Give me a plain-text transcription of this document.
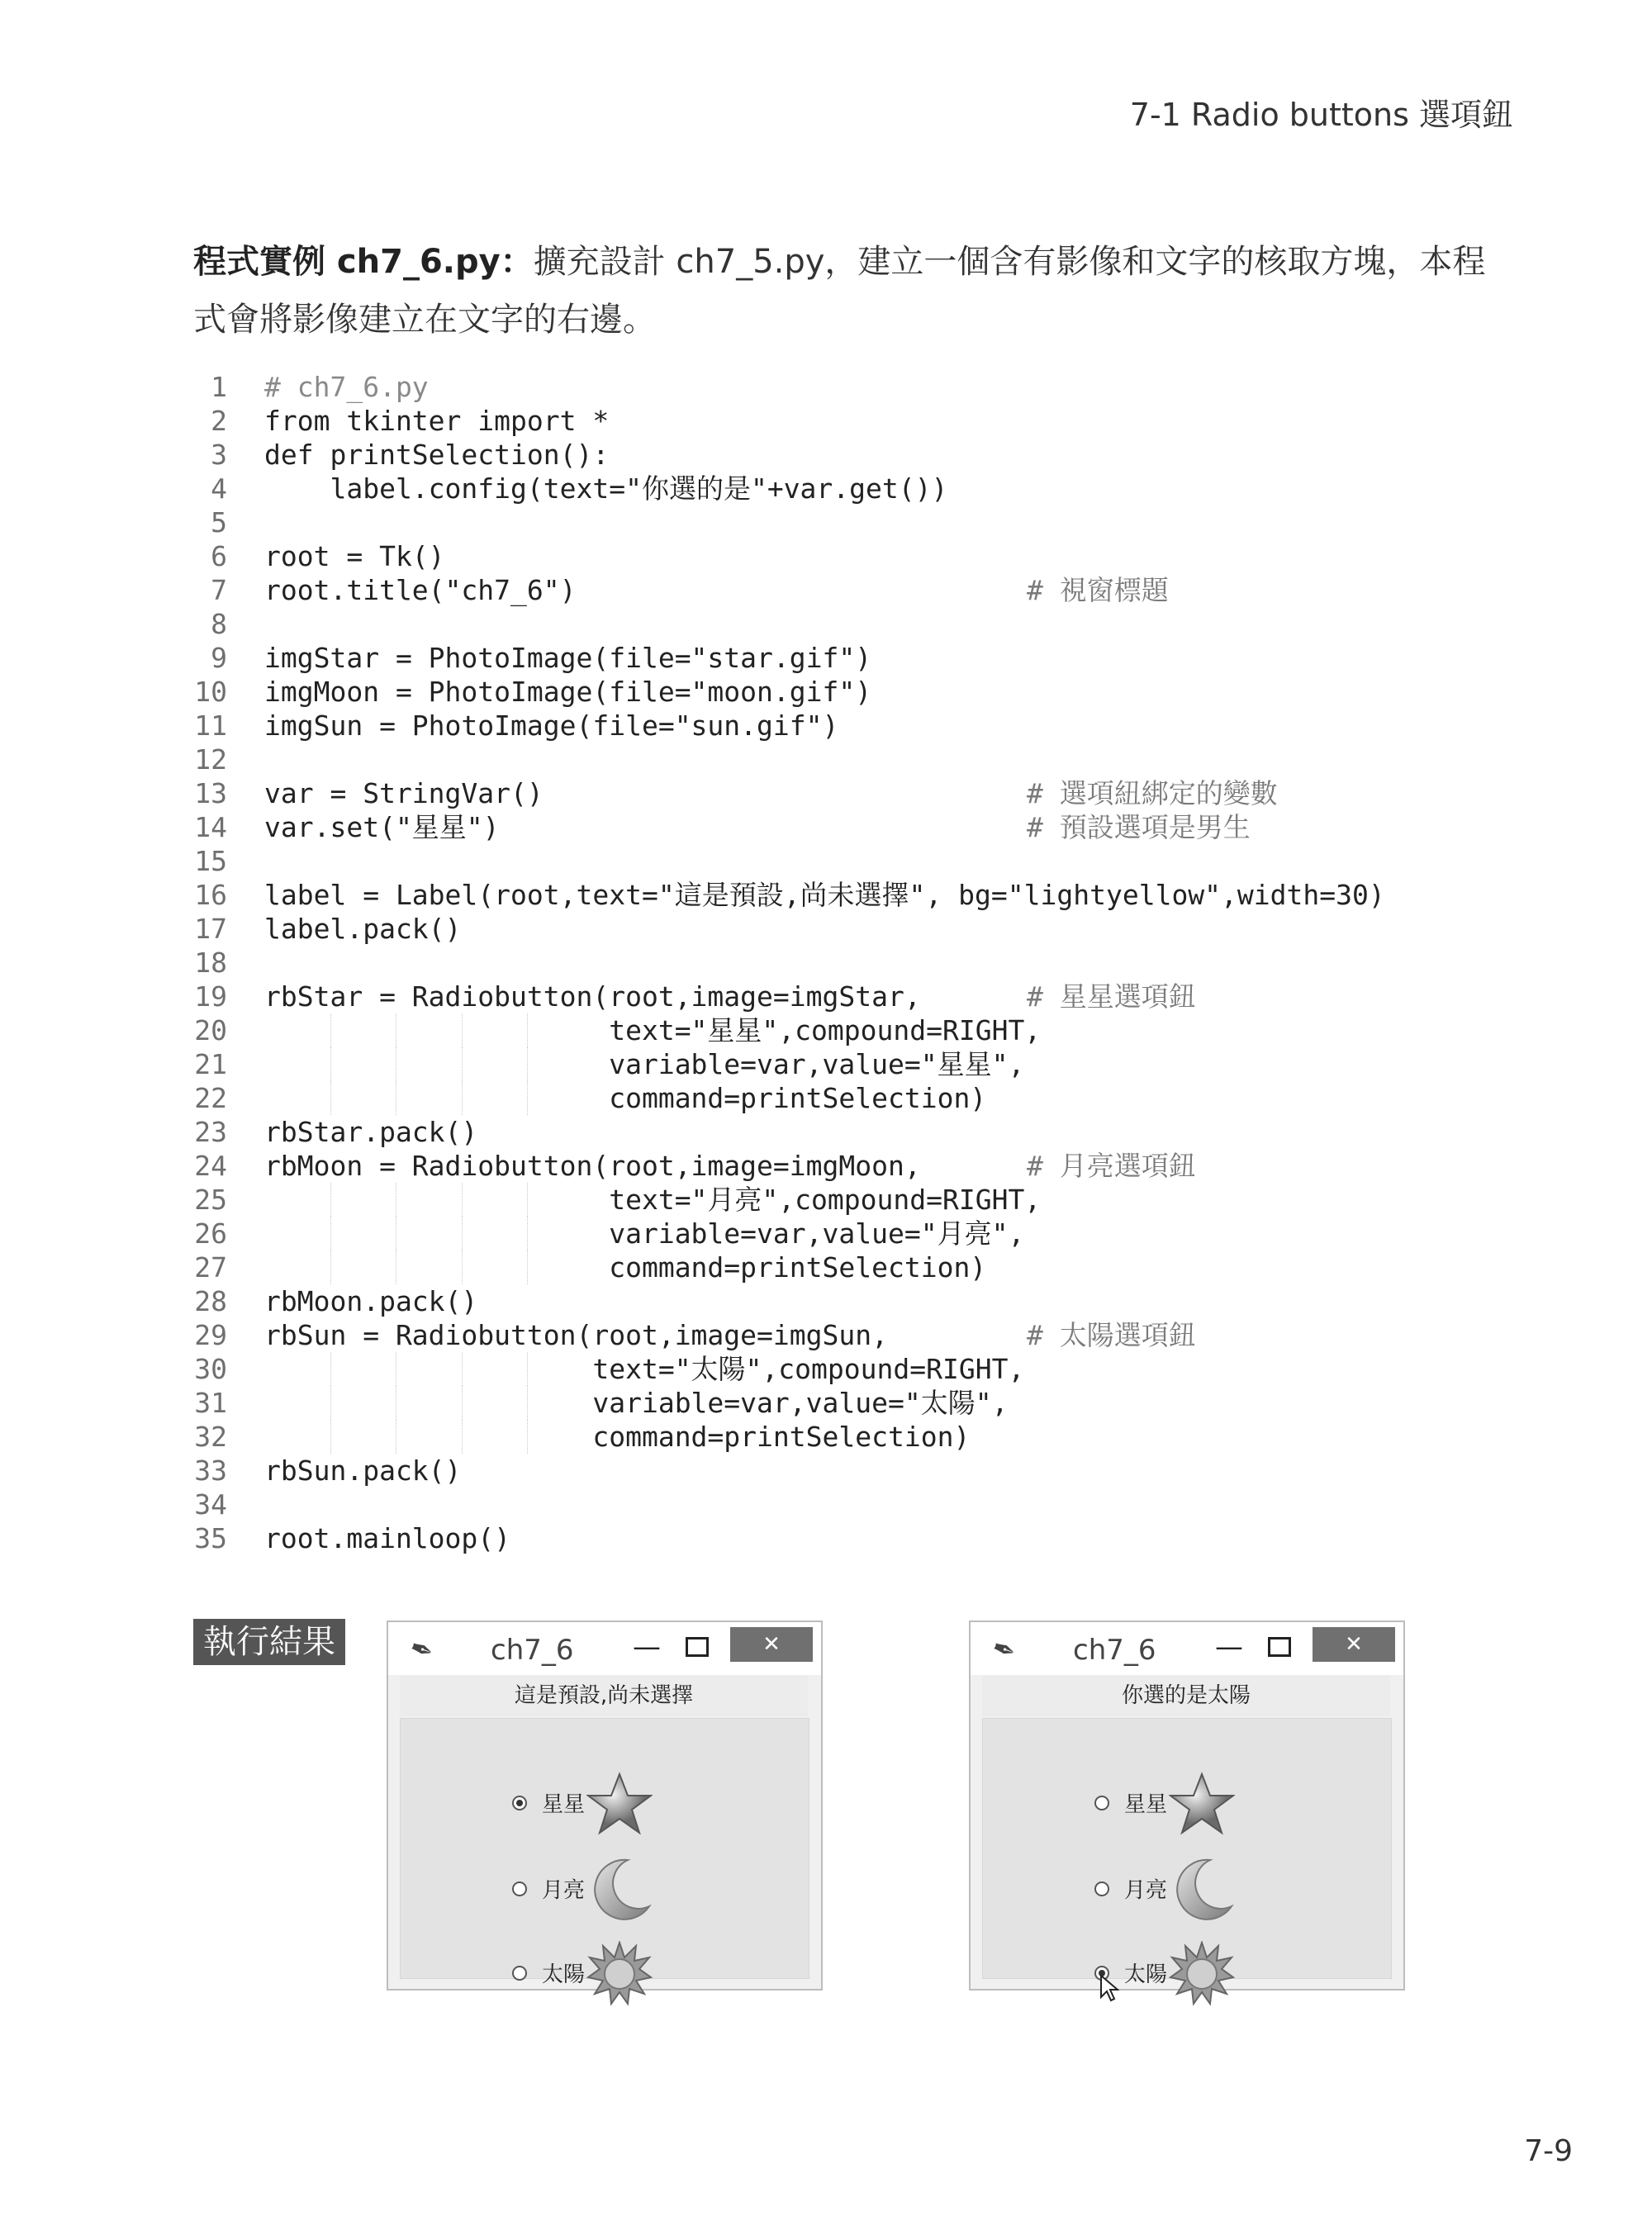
7-1 Radio buttons 選項鈕
程式實例 ch7_6.py：擴充設計 ch7_5.py，建立一個含有影像和文字的核取方塊，本程式會將影像建立在文字的右邊。
1 # ch7_6.py
2 from tkinter import *
3 def printSelection():
4 label.config(text="你選的是"+var.get())
5
6 root = Tk()
7 root.title("ch7_6")	# 視窗標題
8
9 imgStar = PhotoImage(file="star.gif")
10 imgMoon = PhotoImage(file="moon.gif")
11 imgSun = PhotoImage(file="sun.gif")
12
13 var = StringVar()	# 選項紐綁定的變數
14 var.set("星星")	# 預設選項是男生
15
16 label = Label(root,text="這是預設,尚未選擇", bg="lightyellow",width=30)
17 label.pack()
18
19 rbStar = Radiobutton(root,image=imgStar,	# 星星選項鈕
20 text="星星",compound=RIGHT,
21 variable=var,value="星星",
22 command=printSelection)
23 rbStar.pack()
24 rbMoon = Radiobutton(root,image=imgMoon,	# 月亮選項鈕
25 text="月亮",compound=RIGHT,
26 variable=var,value="月亮",
27 command=printSelection)
28 rbMoon.pack()
29 rbSun = Radiobutton(root,image=imgSun,	# 太陽選項鈕
30 text="太陽",compound=RIGHT,
31 variable=var,value="太陽",
32 command=printSelection)
33 rbSun.pack()
34
35 root.mainloop()
執行結果	✒ ch7_6 —	✕
這是預設,尚未選擇
星星
月亮
太陽
✒ ch7_6 —	✕
你選的是太陽
星星
月亮
太陽
7-9
